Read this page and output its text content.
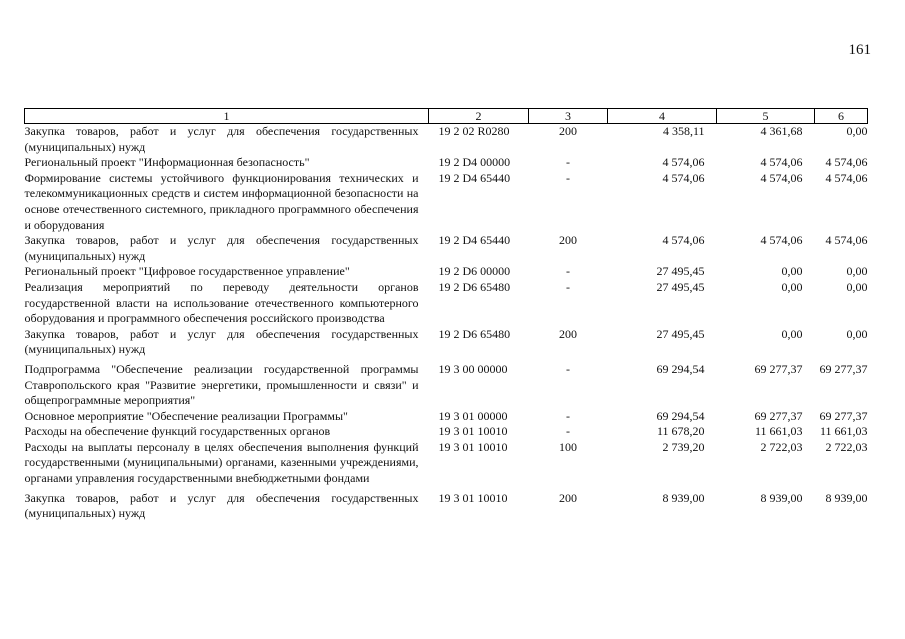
161
1	2	3	4	5	6
Закупка товаров, работ и услуг для обеспечения государственных (муниципальных) нужд	19 2 02 R0280	200	4 358,11	4 361,68	0,00
Региональный проект "Информационная безопасность"	19 2 D4 00000	-	4 574,06	4 574,06	4 574,06
Формирование системы устойчивого функционирования технических и телекоммуникационных средств и систем информационной безопасности на основе отечественного системного, прикладного программного обеспечения и оборудования	19 2 D4 65440	-	4 574,06	4 574,06	4 574,06
Закупка товаров, работ и услуг для обеспечения государственных (муниципальных) нужд	19 2 D4 65440	200	4 574,06	4 574,06	4 574,06
Региональный проект "Цифровое государственное управление"	19 2 D6 00000	-	27 495,45	0,00	0,00
Реализация мероприятий по переводу деятельности органов государственной власти на использование отечественного компьютерного оборудования и программного обеспечения российского производства	19 2 D6 65480	-	27 495,45	0,00	0,00
Закупка товаров, работ и услуг для обеспечения государственных (муниципальных) нужд	19 2 D6 65480	200	27 495,45	0,00	0,00
Подпрограмма "Обеспечение реализации государственной программы Ставропольского края "Развитие энергетики, промышленности и связи" и общепрограммные мероприятия"	19 3 00 00000	-	69 294,54	69 277,37	69 277,37
Основное мероприятие "Обеспечение реализации Программы"	19 3 01 00000	-	69 294,54	69 277,37	69 277,37
Расходы на обеспечение функций государственных органов	19 3 01 10010	-	11 678,20	11 661,03	11 661,03
Расходы на выплаты персоналу в целях обеспечения выполнения функций государственными (муниципальными) органами, казенными учреждениями, органами управления государственными внебюджетными фондами	19 3 01 10010	100	2 739,20	2 722,03	2 722,03
Закупка товаров, работ и услуг для обеспечения государственных (муниципальных) нужд	19 3 01 10010	200	8 939,00	8 939,00	8 939,00
